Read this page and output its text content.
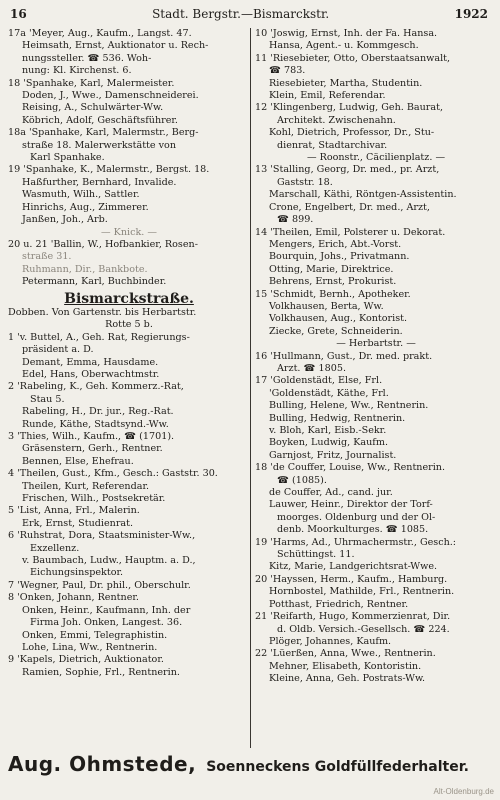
16	Stadt. Bergstr.—Bismarckstr.	1922
17a 'Meyer, Aug., Kaufm., Langst. 47.
Heimsath, Ernst, Auktionator u. Rech-
nungssteller. ☎ 536. Woh-
nung: Kl. Kirchenst. 6.
18 'Spanhake, Karl, Malermeister.
Doden, J., Wwe., Damenschneiderei.
Reising, A., Schulwärter-Ww.
Köbrich, Adolf, Geschäftsführer.
18a 'Spanhake, Karl, Malermstr., Berg-
straße 18. Malerwerkstätte von
Karl Spanhake.
19 'Spanhake, K., Malermstr., Bergst. 18.
Haßfurther, Bernhard, Invalide.
Wasmuth, Wilh., Sattler.
Hinrichs, Aug., Zimmerer.
Janßen, Joh., Arb.
— Knick. —
20 u. 21 'Ballin, W., Hofbankier, Rosen-
straße 31.
Ruhmann, Dir., Bankbote.
Petermann, Karl, Buchbinder.
Bismarckstraße.
Dobben. Von Gartenstr. bis Herbartstr.
Rotte 5 b.
1 'v. Buttel, A., Geh. Rat, Regierungs-
präsident a. D.
Demant, Emma, Hausdame.
Edel, Hans, Oberwachtmstr.
2 'Rabeling, K., Geh. Kommerz.-Rat,
Stau 5.
Rabeling, H., Dr. jur., Reg.-Rat.
Runde, Käthe, Stadtsynd.-Ww.
3 'Thies, Wilh., Kaufm., ☎ (1701).
Gräsenstern, Gerh., Rentner.
Bennen, Else, Ehefrau.
4 'Theilen, Gust., Kfm., Gesch.: Gaststr. 30.
Theilen, Kurt, Referendar.
Frischen, Wilh., Postsekretär.
5 'List, Anna, Frl., Malerin.
Erk, Ernst, Studienrat.
6 'Ruhstrat, Dora, Staatsminister-Ww.,
Exzellenz.
v. Baumbach, Ludw., Hauptm. a. D.,
Eichungsinspektor.
7 'Wegner, Paul, Dr. phil., Oberschulr.
8 'Onken, Johann, Rentner.
Onken, Heinr., Kaufmann, Inh. der
Firma Joh. Onken, Langest. 36.
Onken, Emmi, Telegraphistin.
Lohe, Lina, Ww., Rentnerin.
9 'Kapels, Dietrich, Auktionator.
Ramien, Sophie, Frl., Rentnerin.
10 'Joswig, Ernst, Inh. der Fa. Hansa.
Hansa, Agent.- u. Kommgesch.
11 'Riesebieter, Otto, Oberstaatsanwalt,
☎ 783.
Riesebieter, Martha, Studentin.
Klein, Emil, Referendar.
12 'Klingenberg, Ludwig, Geh. Baurat,
Architekt. Zwischenahn.
Kohl, Dietrich, Professor, Dr., Stu-
dienrat, Stadtarchivar.
— Roonstr., Cäcilienplatz. —
13 'Stalling, Georg, Dr. med., pr. Arzt,
Gaststr. 18.
Marschall, Käthi, Röntgen-Assistentin.
Crone, Engelbert, Dr. med., Arzt,
☎ 899.
14 'Theilen, Emil, Polsterer u. Dekorat.
Mengers, Erich, Abt.-Vorst.
Bourquin, Johs., Privatmann.
Otting, Marie, Direktrice.
Behrens, Ernst, Prokurist.
15 'Schmidt, Bernh., Apotheker.
Volkhausen, Berta, Ww.
Volkhausen, Aug., Kontorist.
Ziecke, Grete, Schneiderin.
— Herbartstr. —
16 'Hullmann, Gust., Dr. med. prakt.
Arzt. ☎ 1805.
17 'Goldenstädt, Else, Frl.
'Goldenstädt, Käthe, Frl.
Bulling, Helene, Ww., Rentnerin.
Bulling, Hedwig, Rentnerin.
v. Bloh, Karl, Eisb.-Sekr.
Boyken, Ludwig, Kaufm.
Garnjost, Fritz, Journalist.
18 'de Couffer, Louise, Ww., Rentnerin.
☎ (1085).
de Couffer, Ad., cand. jur.
Lauwer, Heinr., Direktor der Torf-
moorges. Oldenburg und der Ol-
denb. Moorkulturges. ☎ 1085.
19 'Harms, Ad., Uhrmachermstr., Gesch.:
Schüttingst. 11.
Kitz, Marie, Landgerichtsrat-Wwe.
20 'Hayssen, Herm., Kaufm., Hamburg.
Hornbostel, Mathilde, Frl., Rentnerin.
Potthast, Friedrich, Rentner.
21 'Reifarth, Hugo, Kommerzienrat, Dir.
d. Oldb. Versich.-Gesellsch. ☎ 224.
Plöger, Johannes, Kaufm.
22 'Lüerßen, Anna, Wwe., Rentnerin.
Mehner, Elisabeth, Kontoristin.
Kleine, Anna, Geh. Postrats-Ww.
Aug. Ohmstede, Soenneckens Goldfüllfederhalter.
Alt-Oldenburg.de
